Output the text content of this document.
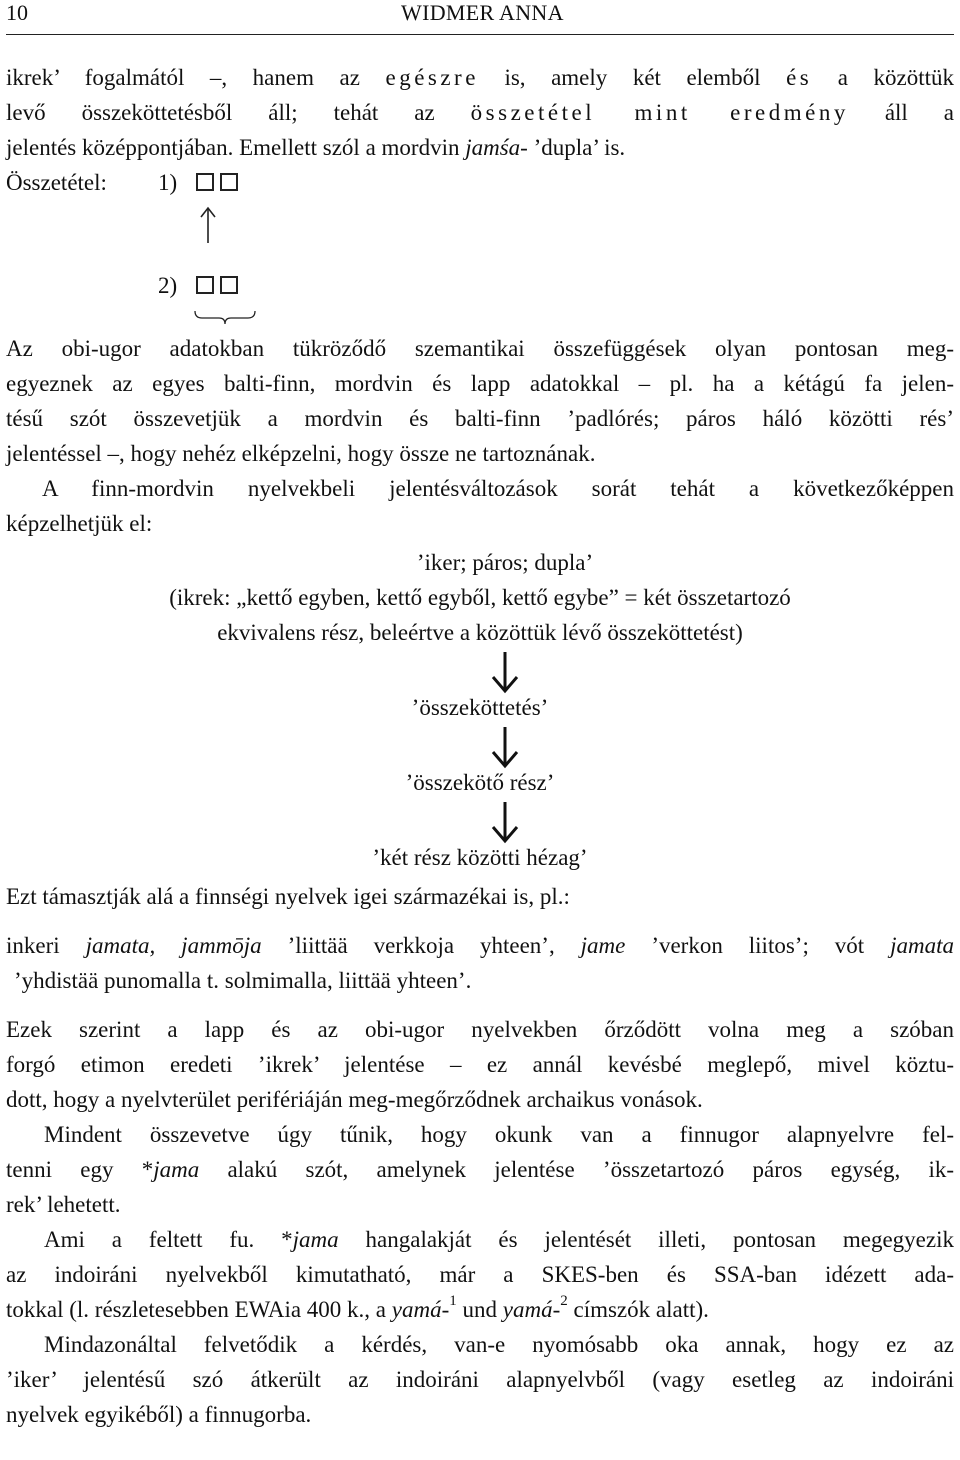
10	WIDMER ANNA

ikrek’ fogalmától –, hanem az egészre is, amely két elemből és a közöttük

levő összeköttetésből áll; tehát az összetétel mint eredmény áll a

jelentés középpontjában. Emellett szól a mordvin jamśa- ’dupla’ is.

Összetétel: 1)
2)

Az obi-ugor adatokban tükröződő szemantikai összefüggések olyan pontosan meg-

egyeznek az egyes balti-finn, mordvin és lapp adatokkal – pl. ha a kétágú fa jelen-

tésű szót összevetjük a mordvin és balti-finn ’padlórés; páros háló közötti rés’

jelentéssel –, hogy nehéz elképzelni, hogy össze ne tartoznának.

A finn-mordvin nyelvekbeli jelentésváltozások sorát tehát a következőképpen

képzelhetjük el:

’iker; páros; dupla’

(ikrek: „kettő egyben, kettő egyből, kettő egybe” = két összetartozó

ekvivalens rész, beleértve a közöttük lévő összeköttetést)

’összeköttetés’

’összekötő rész’

’két rész közötti hézag’

Ezt támasztják alá a finnségi nyelvek igei származékai is, pl.:

inkeri jamata, jammōja ’liittää verkkoja yhteen’, jame ’verkon liitos’; vót jamata

’yhdistää punomalla t. solmimalla, liittää yhteen’.

Ezek szerint a lapp és az obi-ugor nyelvekben őrződött volna meg a szóban

forgó etimon eredeti ’ikrek’ jelentése – ez annál kevésbé meglepő, mivel köztu-

dott, hogy a nyelvterület perifériáján meg-megőrződnek archaikus vonások.

Mindent összevetve úgy tűnik, hogy okunk van a finnugor alapnyelvre fel-

tenni egy *jama alakú szót, amelynek jelentése ’összetartozó páros egység, ik-

rek’ lehetett.

Ami a feltett fu. *jama hangalakját és jelentését illeti, pontosan megegyezik

az indoiráni nyelvekből kimutatható, már a SKES-ben és SSA-ban idézett ada-

tokkal (l. részletesebben EWAia 400 k., a yamá-$^1$ und yamá-$^2$ címszók alatt).

Mindazonáltal felvetődik a kérdés, van-e nyomósabb oka annak, hogy ez az

’iker’ jelentésű szó átkerült az indoiráni alapnyelvből (vagy esetleg az indoiráni

nyelvek egyikéből) a finnugorba.
